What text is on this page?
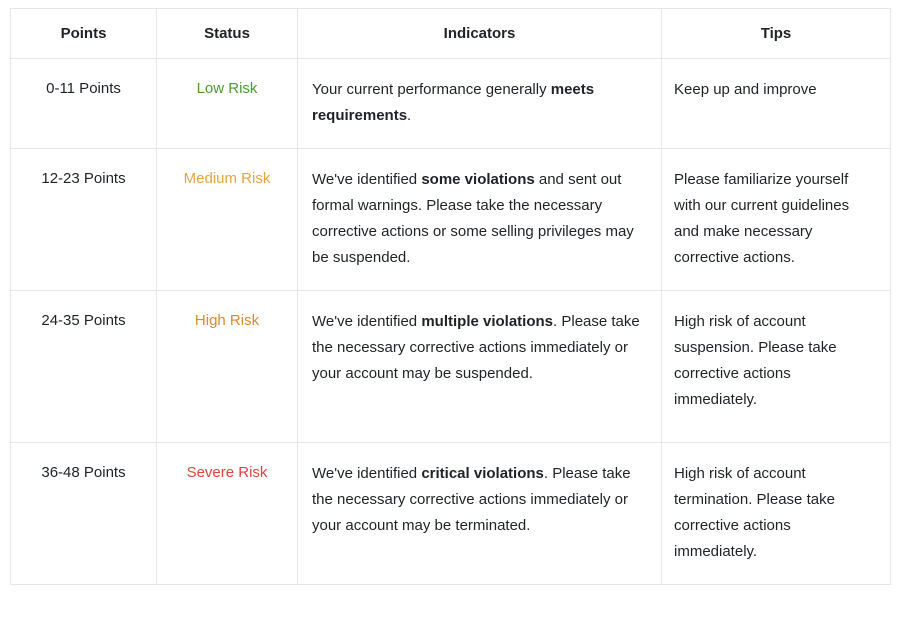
Points	Status	Indicators	Tips
0-11 Points	Low Risk	Your current performance generally meets requirements.	Keep up and improve
12-23 Points	Medium Risk	We've identified some violations and sent out formal warnings. Please take the necessary corrective actions or some selling privileges may be suspended.	Please familiarize yourself with our current guidelines and make necessary corrective actions.
24-35 Points	High Risk	We've identified multiple violations. Please take the necessary corrective actions immediately or your account may be suspended.	High risk of account suspension. Please take corrective actions immediately.
36-48 Points	Severe Risk	We've identified critical violations. Please take the necessary corrective actions immediately or your account may be terminated.	High risk of account termination. Please take corrective actions immediately.
